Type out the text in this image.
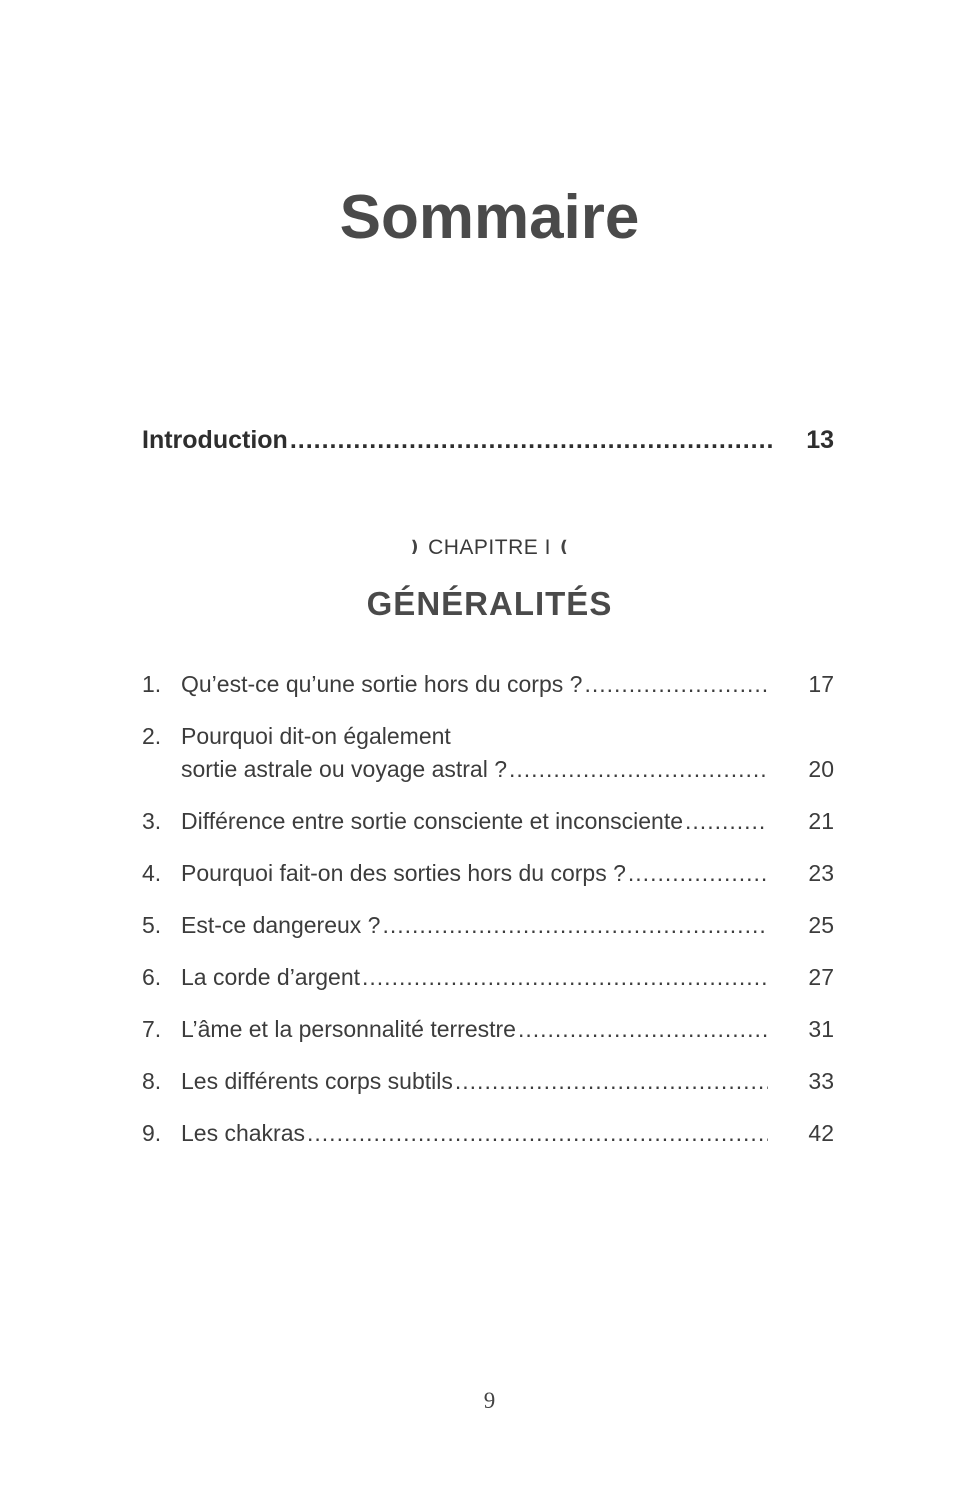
Sommaire
Introduction .....	13
❫ CHAPITRE I ❪
GÉNÉRALITÉS
1. Qu’est-ce qu’une sortie hors du corps ? .....	17
2. Pourquoi dit-on également
sortie astrale ou voyage astral ? .....	20
3. Différence entre sortie consciente et inconsciente .....	21
4. Pourquoi fait-on des sorties hors du corps ? .....	23
5. Est-ce dangereux ? .....	25
6. La corde d’argent .....	27
7. L’âme et la personnalité terrestre .....	31
8. Les différents corps subtils .....	33
9. Les chakras .....	42
9
